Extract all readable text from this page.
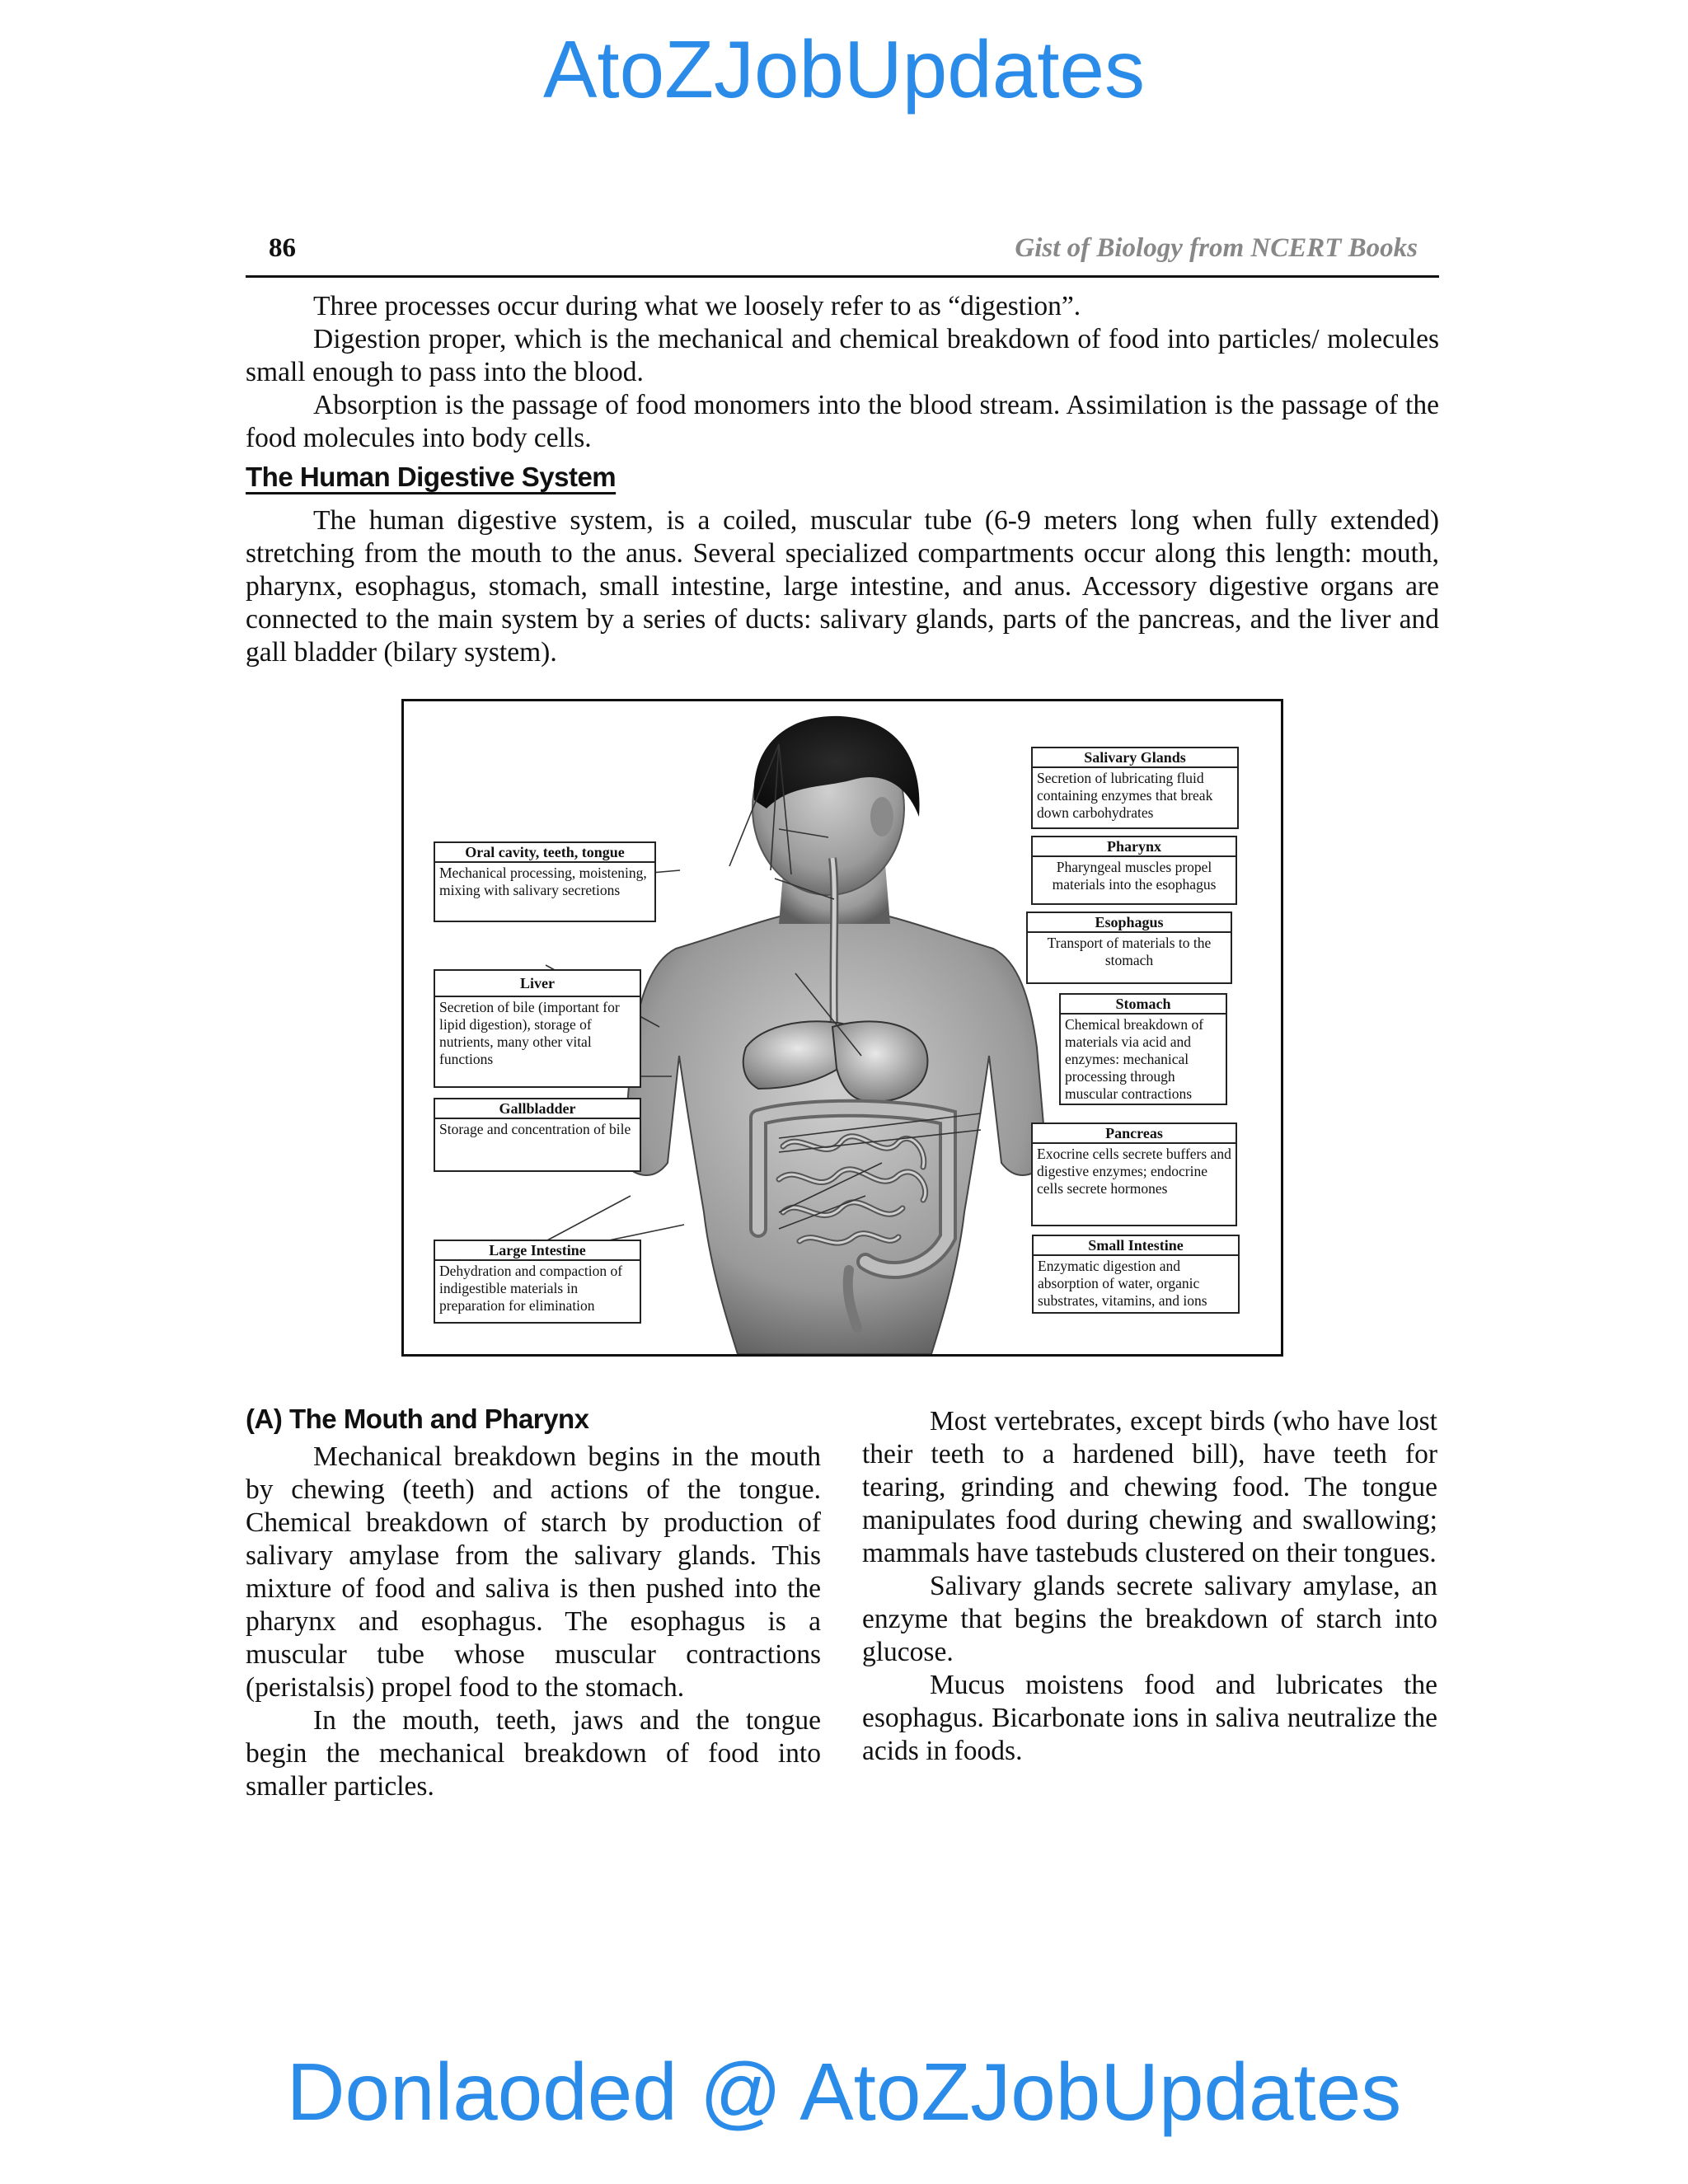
AtoZJobUpdates
86	Gist of Biology from NCERT Books
Three processes occur during what we loosely refer to as “digestion”.
Digestion proper, which is the mechanical and chemical breakdown of food into particles/ molecules small enough to pass into the blood.
Absorption is the passage of food monomers into the blood stream. Assimilation is the passage of the food molecules into body cells.
The Human Digestive System
The human digestive system, is a coiled, muscular tube (6-9 meters long when fully extended) stretching from the mouth to the anus. Several specialized compartments occur along this length: mouth, pharynx, esophagus, stomach, small intestine, large intestine, and anus. Accessory digestive organs are connected to the main system by a series of ducts: salivary glands, parts of the pancreas, and the liver and gall bladder (bilary system).
Salivary Glands
Secretion of lubricating fluid containing enzymes that break down carbohydrates
Pharynx
Pharyngeal muscles propel materials into the esophagus
Esophagus
Transport of materials to the stomach
Stomach
Chemical breakdown of materials via acid and enzymes: mechanical processing through muscular contractions
Pancreas
Exocrine cells secrete buffers and digestive enzymes; endocrine cells secrete hormones
Small Intestine
Enzymatic digestion and absorption of water, organic substrates, vitamins, and ions
Oral cavity, teeth, tongue
Mechanical processing, moistening, mixing with salivary secretions
Liver
Secretion of bile (important for lipid digestion), storage of nutrients, many other vital functions
Gallbladder
Storage and concentration of bile
Large Intestine
Dehydration and compaction of indigestible materials in preparation for elimination
(A) The Mouth and Pharynx

Mechanical breakdown begins in the mouth by chewing (teeth) and actions of the tongue. Chemical breakdown of starch by production of salivary amylase from the salivary glands. This mixture of food and saliva is then pushed into the pharynx and esophagus. The esophagus is a muscular tube whose muscular contractions (peristalsis) propel food to the stomach.

In the mouth, teeth, jaws and the tongue begin the mechanical breakdown of food into smaller particles.

Most vertebrates, except birds (who have lost their teeth to a hardened bill), have teeth for tearing, grinding and chewing food. The tongue manipulates food during chewing and swallowing; mammals have tastebuds clustered on their tongues.

Salivary glands secrete salivary amylase, an enzyme that begins the breakdown of starch into glucose.

Mucus moistens food and lubricates the esophagus. Bicarbonate ions in saliva neutralize the acids in foods.

Donlaoded @ AtoZJobUpdates
